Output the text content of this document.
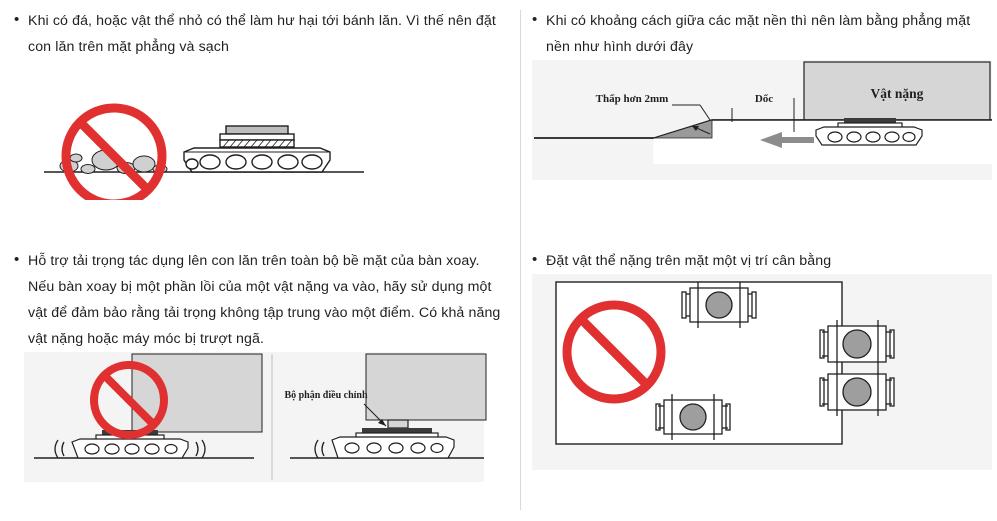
• Khi có đá, hoặc vật thể nhỏ có thể làm hư hại tới bánh lăn. Vì thế nên đặt con lăn trên mặt phẳng và sạch
• Khi có khoảng cách giữa các mặt nền thì nên làm bằng phẳng mặt nền như hình dưới đây
Vật nặng
Thấp hơn 2mm	Dốc
• Hỗ trợ tải trọng tác dụng lên con lăn trên toàn bộ bề mặt của bàn xoay. Nếu bàn xoay bị một phần lồi của một vật nặng va vào, hãy sử dụng một vật để đảm bảo rằng tải trọng không tập trung vào một điểm. Có khả năng vật nặng hoặc máy móc bị trượt ngã.
Bộ phận điều chỉnh
• Đặt vật thể nặng trên mặt một vị trí cân bằng
